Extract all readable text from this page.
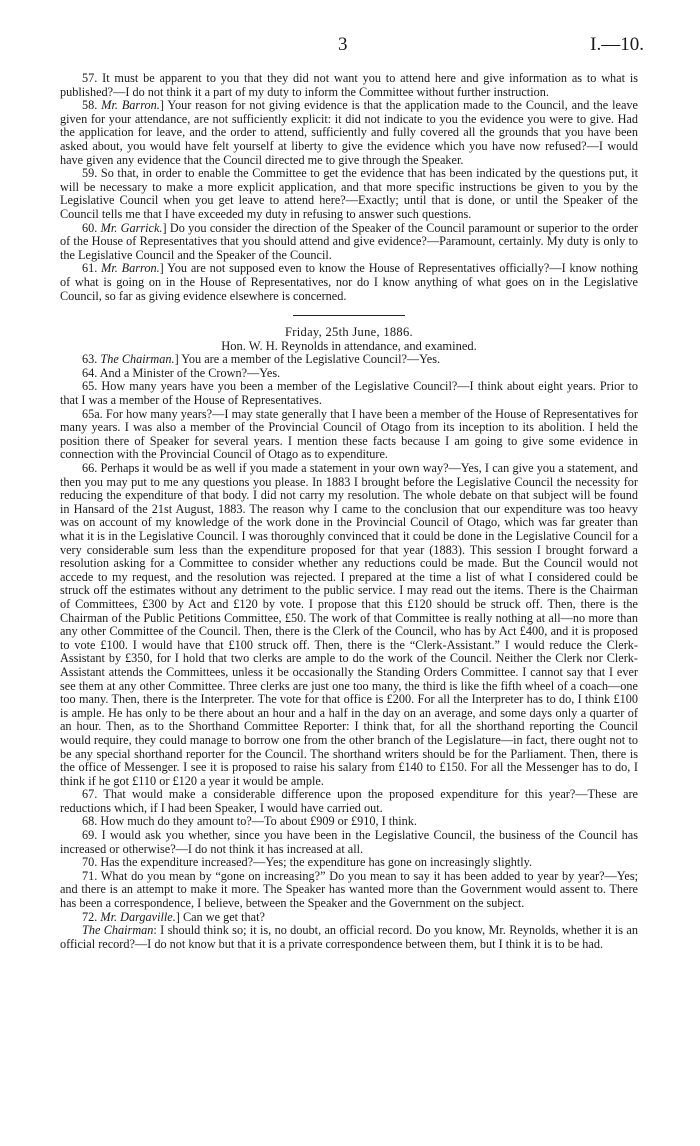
3	I.—10.

57. It must be apparent to you that they did not want you to attend here and give information as to what is published?—I do not think it a part of my duty to inform the Committee without further instruction.

58. Mr. Barron.] Your reason for not giving evidence is that the application made to the Council, and the leave given for your attendance, are not sufficiently explicit: it did not indicate to you the evidence you were to give. Had the application for leave, and the order to attend, sufficiently and fully covered all the grounds that you have been asked about, you would have felt yourself at liberty to give the evidence which you have now refused?—I would have given any evidence that the Council directed me to give through the Speaker.

59. So that, in order to enable the Committee to get the evidence that has been indicated by the questions put, it will be necessary to make a more explicit application, and that more specific instructions be given to you by the Legislative Council when you get leave to attend here?—Exactly; until that is done, or until the Speaker of the Council tells me that I have exceeded my duty in refusing to answer such questions.

60. Mr. Garrick.] Do you consider the direction of the Speaker of the Council paramount or superior to the order of the House of Representatives that you should attend and give evidence?—Paramount, certainly. My duty is only to the Legislative Council and the Speaker of the Council.

61. Mr. Barron.] You are not supposed even to know the House of Representatives officially?—I know nothing of what is going on in the House of Representatives, nor do I know anything of what goes on in the Legislative Council, so far as giving evidence elsewhere is concerned.

Friday, 25th June, 1886.

Hon. W. H. Reynolds in attendance, and examined.

63. The Chairman.] You are a member of the Legislative Council?—Yes.

64. And a Minister of the Crown?—Yes.

65. How many years have you been a member of the Legislative Council?—I think about eight years. Prior to that I was a member of the House of Representatives.

65a. For how many years?—I may state generally that I have been a member of the House of Representatives for many years. I was also a member of the Provincial Council of Otago from its inception to its abolition. I held the position there of Speaker for several years. I mention these facts because I am going to give some evidence in connection with the Provincial Council of Otago as to expenditure.

66. Perhaps it would be as well if you made a statement in your own way?—Yes, I can give you a statement, and then you may put to me any questions you please. In 1883 I brought before the Legislative Council the necessity for reducing the expenditure of that body. I did not carry my resolution. The whole debate on that subject will be found in Hansard of the 21st August, 1883. The reason why I came to the conclusion that our expenditure was too heavy was on account of my knowledge of the work done in the Provincial Council of Otago, which was far greater than what it is in the Legislative Council. I was thoroughly convinced that it could be done in the Legislative Council for a very considerable sum less than the expenditure proposed for that year (1883). This session I brought forward a resolution asking for a Committee to consider whether any reductions could be made. But the Council would not accede to my request, and the resolution was rejected. I prepared at the time a list of what I considered could be struck off the estimates without any detriment to the public service. I may read out the items. There is the Chairman of Committees, £300 by Act and £120 by vote. I propose that this £120 should be struck off. Then, there is the Chairman of the Public Petitions Committee, £50. The work of that Committee is really nothing at all—no more than any other Committee of the Council. Then, there is the Clerk of the Council, who has by Act £400, and it is proposed to vote £100. I would have that £100 struck off. Then, there is the “Clerk-Assistant.” I would reduce the Clerk-Assistant by £350, for I hold that two clerks are ample to do the work of the Council. Neither the Clerk nor Clerk-Assistant attends the Committees, unless it be occasionally the Standing Orders Committee. I cannot say that I ever see them at any other Committee. Three clerks are just one too many, the third is like the fifth wheel of a coach—one too many. Then, there is the Interpreter. The vote for that office is £200. For all the Interpreter has to do, I think £100 is ample. He has only to be there about an hour and a half in the day on an average, and some days only a quarter of an hour. Then, as to the Shorthand Committee Reporter: I think that, for all the shorthand reporting the Council would require, they could manage to borrow one from the other branch of the Legislature—in fact, there ought not to be any special shorthand reporter for the Council. The shorthand writers should be for the Parliament. Then, there is the office of Messenger. I see it is proposed to raise his salary from £140 to £150. For all the Messenger has to do, I think if he got £110 or £120 a year it would be ample.

67. That would make a considerable difference upon the proposed expenditure for this year?—These are reductions which, if I had been Speaker, I would have carried out.

68. How much do they amount to?—To about £909 or £910, I think.

69. I would ask you whether, since you have been in the Legislative Council, the business of the Council has increased or otherwise?—I do not think it has increased at all.

70. Has the expenditure increased?—Yes; the expenditure has gone on increasingly slightly.

71. What do you mean by “gone on increasing?” Do you mean to say it has been added to year by year?—Yes; and there is an attempt to make it more. The Speaker has wanted more than the Government would assent to. There has been a correspondence, I believe, between the Speaker and the Government on the subject.

72. Mr. Dargaville.] Can we get that?

The Chairman: I should think so; it is, no doubt, an official record. Do you know, Mr. Reynolds, whether it is an official record?—I do not know but that it is a private correspondence between them, but I think it is to be had.
